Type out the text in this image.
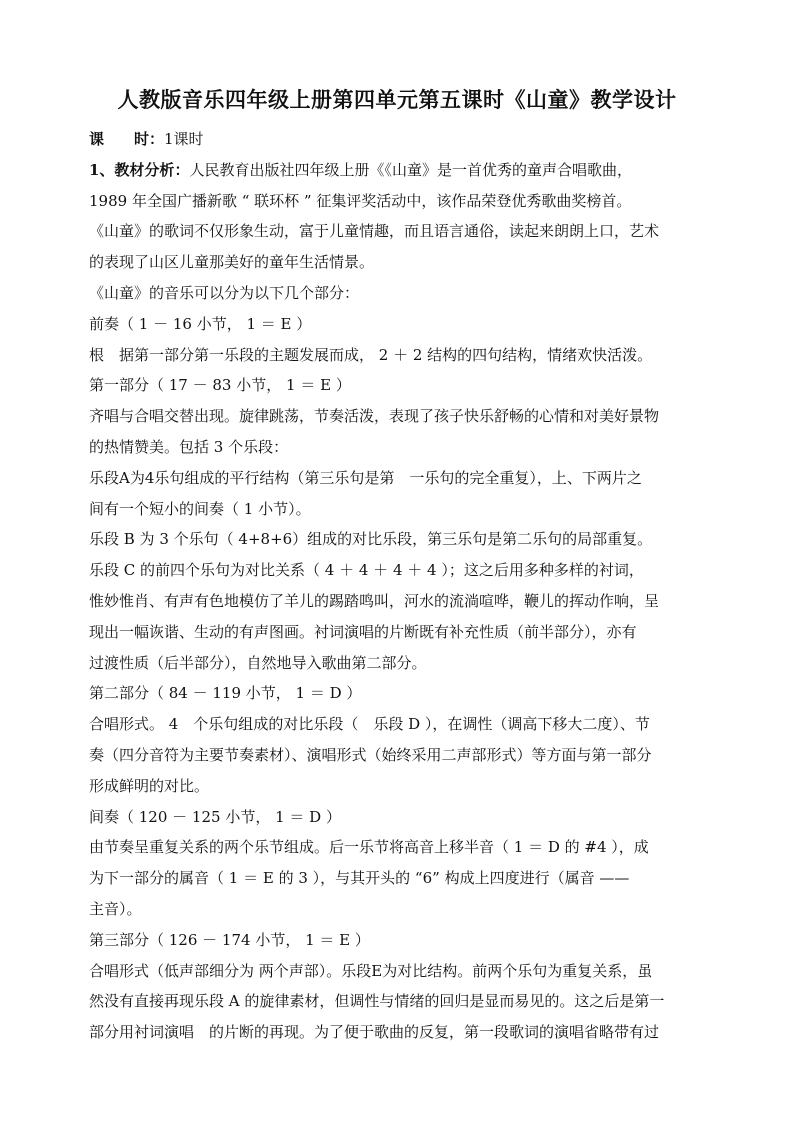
人教版音乐四年级上册第四单元第五课时《山童》教学设计
课　　时：1课时
1、教材分析：人民教育出版社四年级上册《《山童》是一首优秀的童声合唱歌曲，
1989 年全国广播新歌 “ 联环杯 ” 征集评奖活动中，该作品荣登优秀歌曲奖榜首。
《山童》的歌词不仅形象生动，富于儿童情趣，而且语言通俗，读起来朗朗上口，艺术
的表现了山区儿童那美好的童年生活情景。
《山童》的音乐可以分为以下几个部分：
前奏（ 1 － 16 小节， 1 ＝ E ）
根　据第一部分第一乐段的主题发展而成， 2 ＋ 2 结构的四句结构，情绪欢快活泼。
第一部分（ 17 － 83 小节， 1 ＝ E ）
齐唱与合唱交替出现。旋律跳荡，节奏活泼，表现了孩子快乐舒畅的心情和对美好景物
的热情赞美。包括 3 个乐段：
乐段A为4乐句组成的平行结构（第三乐句是第　一乐句的完全重复），上、下两片之
间有一个短小的间奏（ 1 小节）。
乐段 B 为 3 个乐句（ 4+8+6）组成的对比乐段，第三乐句是第二乐句的局部重复。
乐段 C 的前四个乐句为对比关系（ 4 ＋ 4 ＋ 4 ＋ 4 ）；这之后用多种多样的衬词，
惟妙惟肖、有声有色地模仿了羊儿的踢踏鸣叫，河水的流淌喧哗，鞭儿的挥动作响，呈
现出一幅诙谐、生动的有声图画。衬词演唱的片断既有补充性质（前半部分），亦有
过渡性质（后半部分），自然地导入歌曲第二部分。
第二部分（ 84 － 119 小节， 1 ＝ D ）
合唱形式。 4　个乐句组成的对比乐段（　乐段 D ），在调性（调高下移大二度）、节
奏（四分音符为主要节奏素材）、演唱形式（始终采用二声部形式）等方面与第一部分
形成鲜明的对比。
间奏（ 120 － 125 小节， 1 ＝ D ）
由节奏呈重复关系的两个乐节组成。后一乐节将高音上移半音（ 1 ＝ D 的 #4 ），成
为下一部分的属音（ 1 ＝ E 的 3 ），与其开头的 “6” 构成上四度进行（属音 ——
主音）。
第三部分（ 126 － 174 小节， 1 ＝ E ）
合唱形式（低声部细分为 两个声部）。乐段E为对比结构。前两个乐句为重复关系，虽
然没有直接再现乐段 A 的旋律素材，但调性与情绪的回归是显而易见的。这之后是第一
部分用衬词演唱　的片断的再现。为了便于歌曲的反复，第一段歌词的演唱省略带有过
